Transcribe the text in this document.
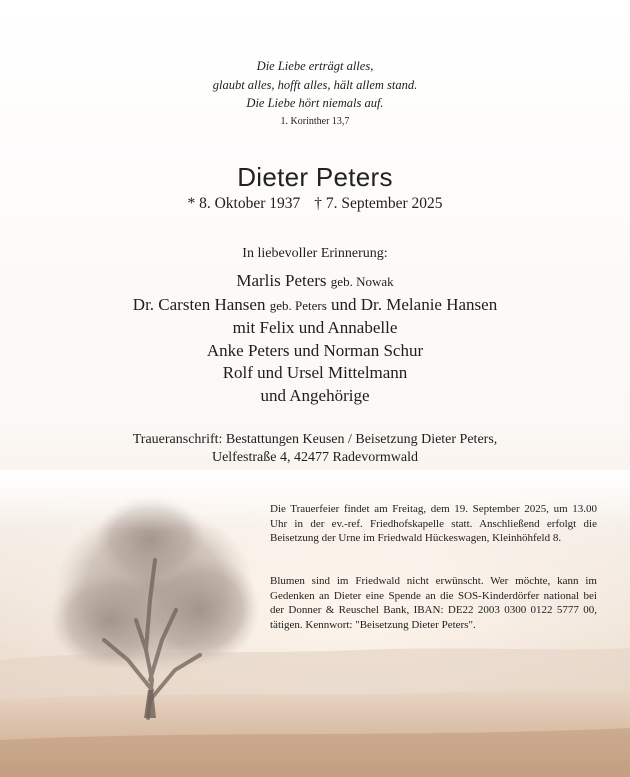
Die Liebe erträgt alles,
glaubt alles, hofft alles, hält allem stand.
Die Liebe hört niemals auf.
1. Korinther 13,7
Dieter Peters
* 8. Oktober 1937 † 7. September 2025
In liebevoller Erinnerung:
Marlis Peters geb. Nowak
Dr. Carsten Hansen geb. Peters und Dr. Melanie Hansen
mit Felix und Annabelle
Anke Peters und Norman Schur
Rolf und Ursel Mittelmann
und Angehörige
Traueranschrift: Bestattungen Keusen / Beisetzung Dieter Peters,
Uelfestraße 4, 42477 Radevormwald

Die Trauerfeier findet am Freitag, dem 19. September 2025, um 13.00 Uhr in der ev.-ref. Friedhofskapelle statt. Anschließend erfolgt die Beisetzung der Urne im Friedwald Hückeswagen, Kleinhöhfeld 8.

Blumen sind im Friedwald nicht erwünscht. Wer möchte, kann im Gedenken an Dieter eine Spende an die SOS-Kinderdörfer national bei der Donner & Reuschel Bank, IBAN: DE22 2003 0300 0122 5777 00, tätigen. Kennwort: "Beisetzung Dieter Peters".
